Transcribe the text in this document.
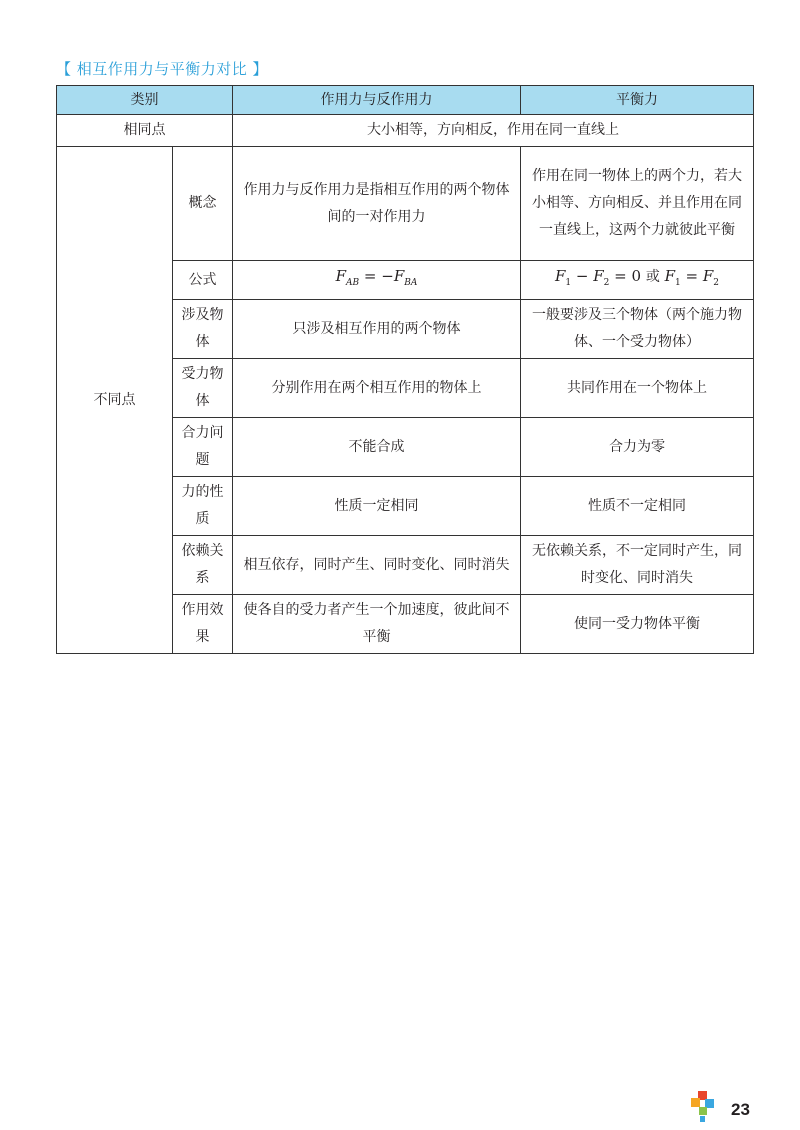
【 相互作用力与平衡力对比 】
类别		作用力与反作用力	平衡力
相同点		大小相等，方向相反，作用在同一直线上	
不同点	概念	作用力与反作用力是指相互作用的两个物体间的一对作用力	作用在同一物体上的两个力，若大小相等、方向相反、并且作用在同一直线上，这两个力就彼此平衡
	公式	$F_{AB} = -F_{BA}$	$F_1 - F_2 = 0$ 或 $F_1 = F_2$
	涉及物体	只涉及相互作用的两个物体	一般要涉及三个物体（两个施力物体、一个受力物体）
	受力物体	分别作用在两个相互作用的物体上	共同作用在一个物体上
	合力问题	不能合成	合力为零
	力的性质	性质一定相同	性质不一定相同
	依赖关系	相互依存，同时产生、同时变化、同时消失	无依赖关系，不一定同时产生，同时变化、同时消失
	作用效果	使各自的受力者产生一个加速度，彼此间不平衡	使同一受力物体平衡
23
